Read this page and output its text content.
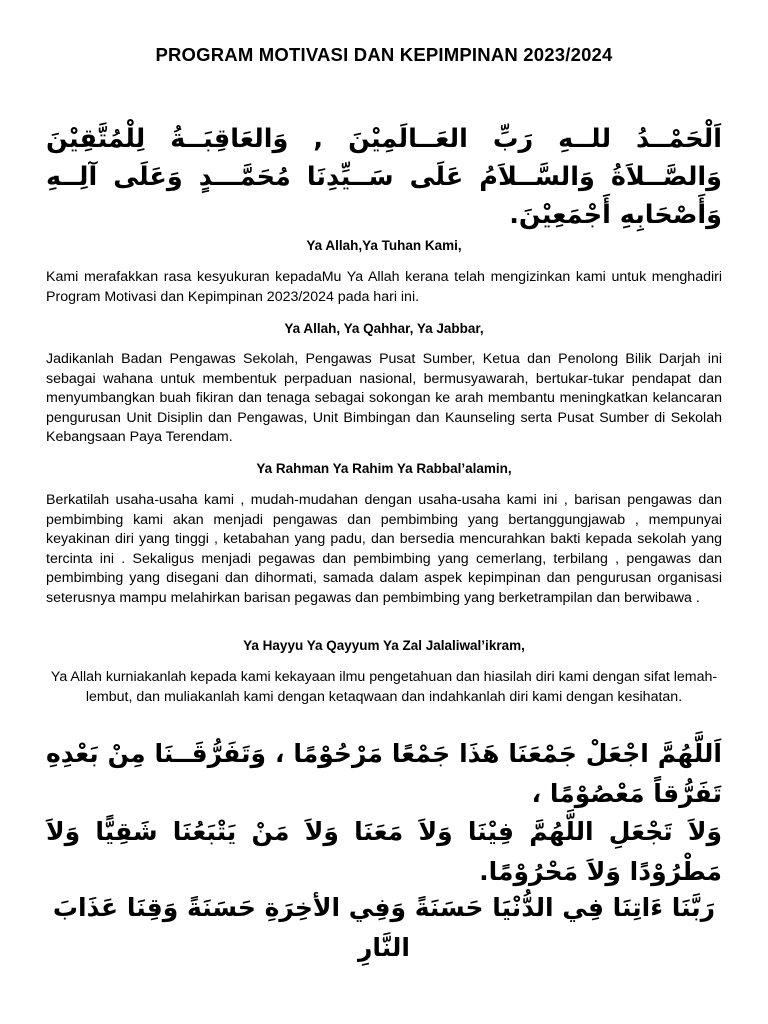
PROGRAM MOTIVASI DAN KEPIMPINAN 2023/2024
اَلْحَمْــدُ للــهِ رَبِّ العَــالَمِيْنَ , وَالعَاقِبَــةُ لِلْمُتَّقِيْنَ وَالصَّــلاَةُ وَالسَّــلاَمُ عَلَى سَــيِّدِنَا مُحَمَّـــدٍ وَعَلَى آلِــهِ وَأَصْحَابِهِ أَجْمَعِيْنَ.
Ya Allah,Ya Tuhan Kami,
Kami merafakkan rasa kesyukuran kepadaMu Ya Allah kerana telah mengizinkan kami untuk menghadiri Program Motivasi dan Kepimpinan 2023/2024 pada hari ini.
Ya Allah, Ya Qahhar, Ya Jabbar,
Jadikanlah Badan Pengawas Sekolah, Pengawas Pusat Sumber, Ketua dan Penolong Bilik Darjah ini sebagai wahana untuk membentuk perpaduan nasional, bermusyawarah, bertukar-tukar pendapat dan menyumbangkan buah fikiran dan tenaga sebagai sokongan ke arah membantu meningkatkan kelancaran pengurusan Unit Disiplin dan Pengawas, Unit Bimbingan dan Kaunseling serta Pusat Sumber di Sekolah Kebangsaan Paya Terendam.
Ya Rahman Ya Rahim Ya Rabbal’alamin,
Berkatilah usaha-usaha kami , mudah-mudahan dengan usaha-usaha kami ini , barisan pengawas dan pembimbing kami akan menjadi pengawas dan pembimbing yang bertanggungjawab , mempunyai keyakinan diri yang tinggi , ketabahan yang padu, dan bersedia mencurahkan bakti kepada sekolah yang tercinta ini . Sekaligus menjadi pegawas dan pembimbing yang cemerlang, terbilang , pengawas dan pembimbing yang disegani dan dihormati, samada dalam aspek kepimpinan dan pengurusan organisasi seterusnya mampu melahirkan barisan pegawas dan pembimbing yang berketrampilan dan berwibawa .
Ya Hayyu Ya Qayyum Ya Zal Jalaliwal’ikram,
Ya Allah kurniakanlah kepada kami kekayaan ilmu pengetahuan dan hiasilah diri kami dengan sifat lemah-lembut, dan muliakanlah kami dengan ketaqwaan dan indahkanlah diri kami dengan kesihatan.
اَللَّهُمَّ اجْعَلْ جَمْعَنَا هَذَا جَمْعًا مَرْحُوْمًا ، وَتَفَرُّقَــنَا مِنْ بَعْدِهِ تَفَرُّقاً مَعْصُوْمًا ،
وَلاَ تَجْعَلِ اللَّهُمَّ فِيْنَا وَلاَ مَعَنَا وَلاَ مَنْ يَتْبَعُنَا شَقِيًّا وَلاَ مَطْرُوْدًا وَلاَ مَحْرُوْمًا.
رَبَّنَا ءَاتِنَا فِي الدُّنْيَا حَسَنَةً وَفِي الأخِرَةِ حَسَنَةً وَقِنَا عَذَابَ النَّارِ
